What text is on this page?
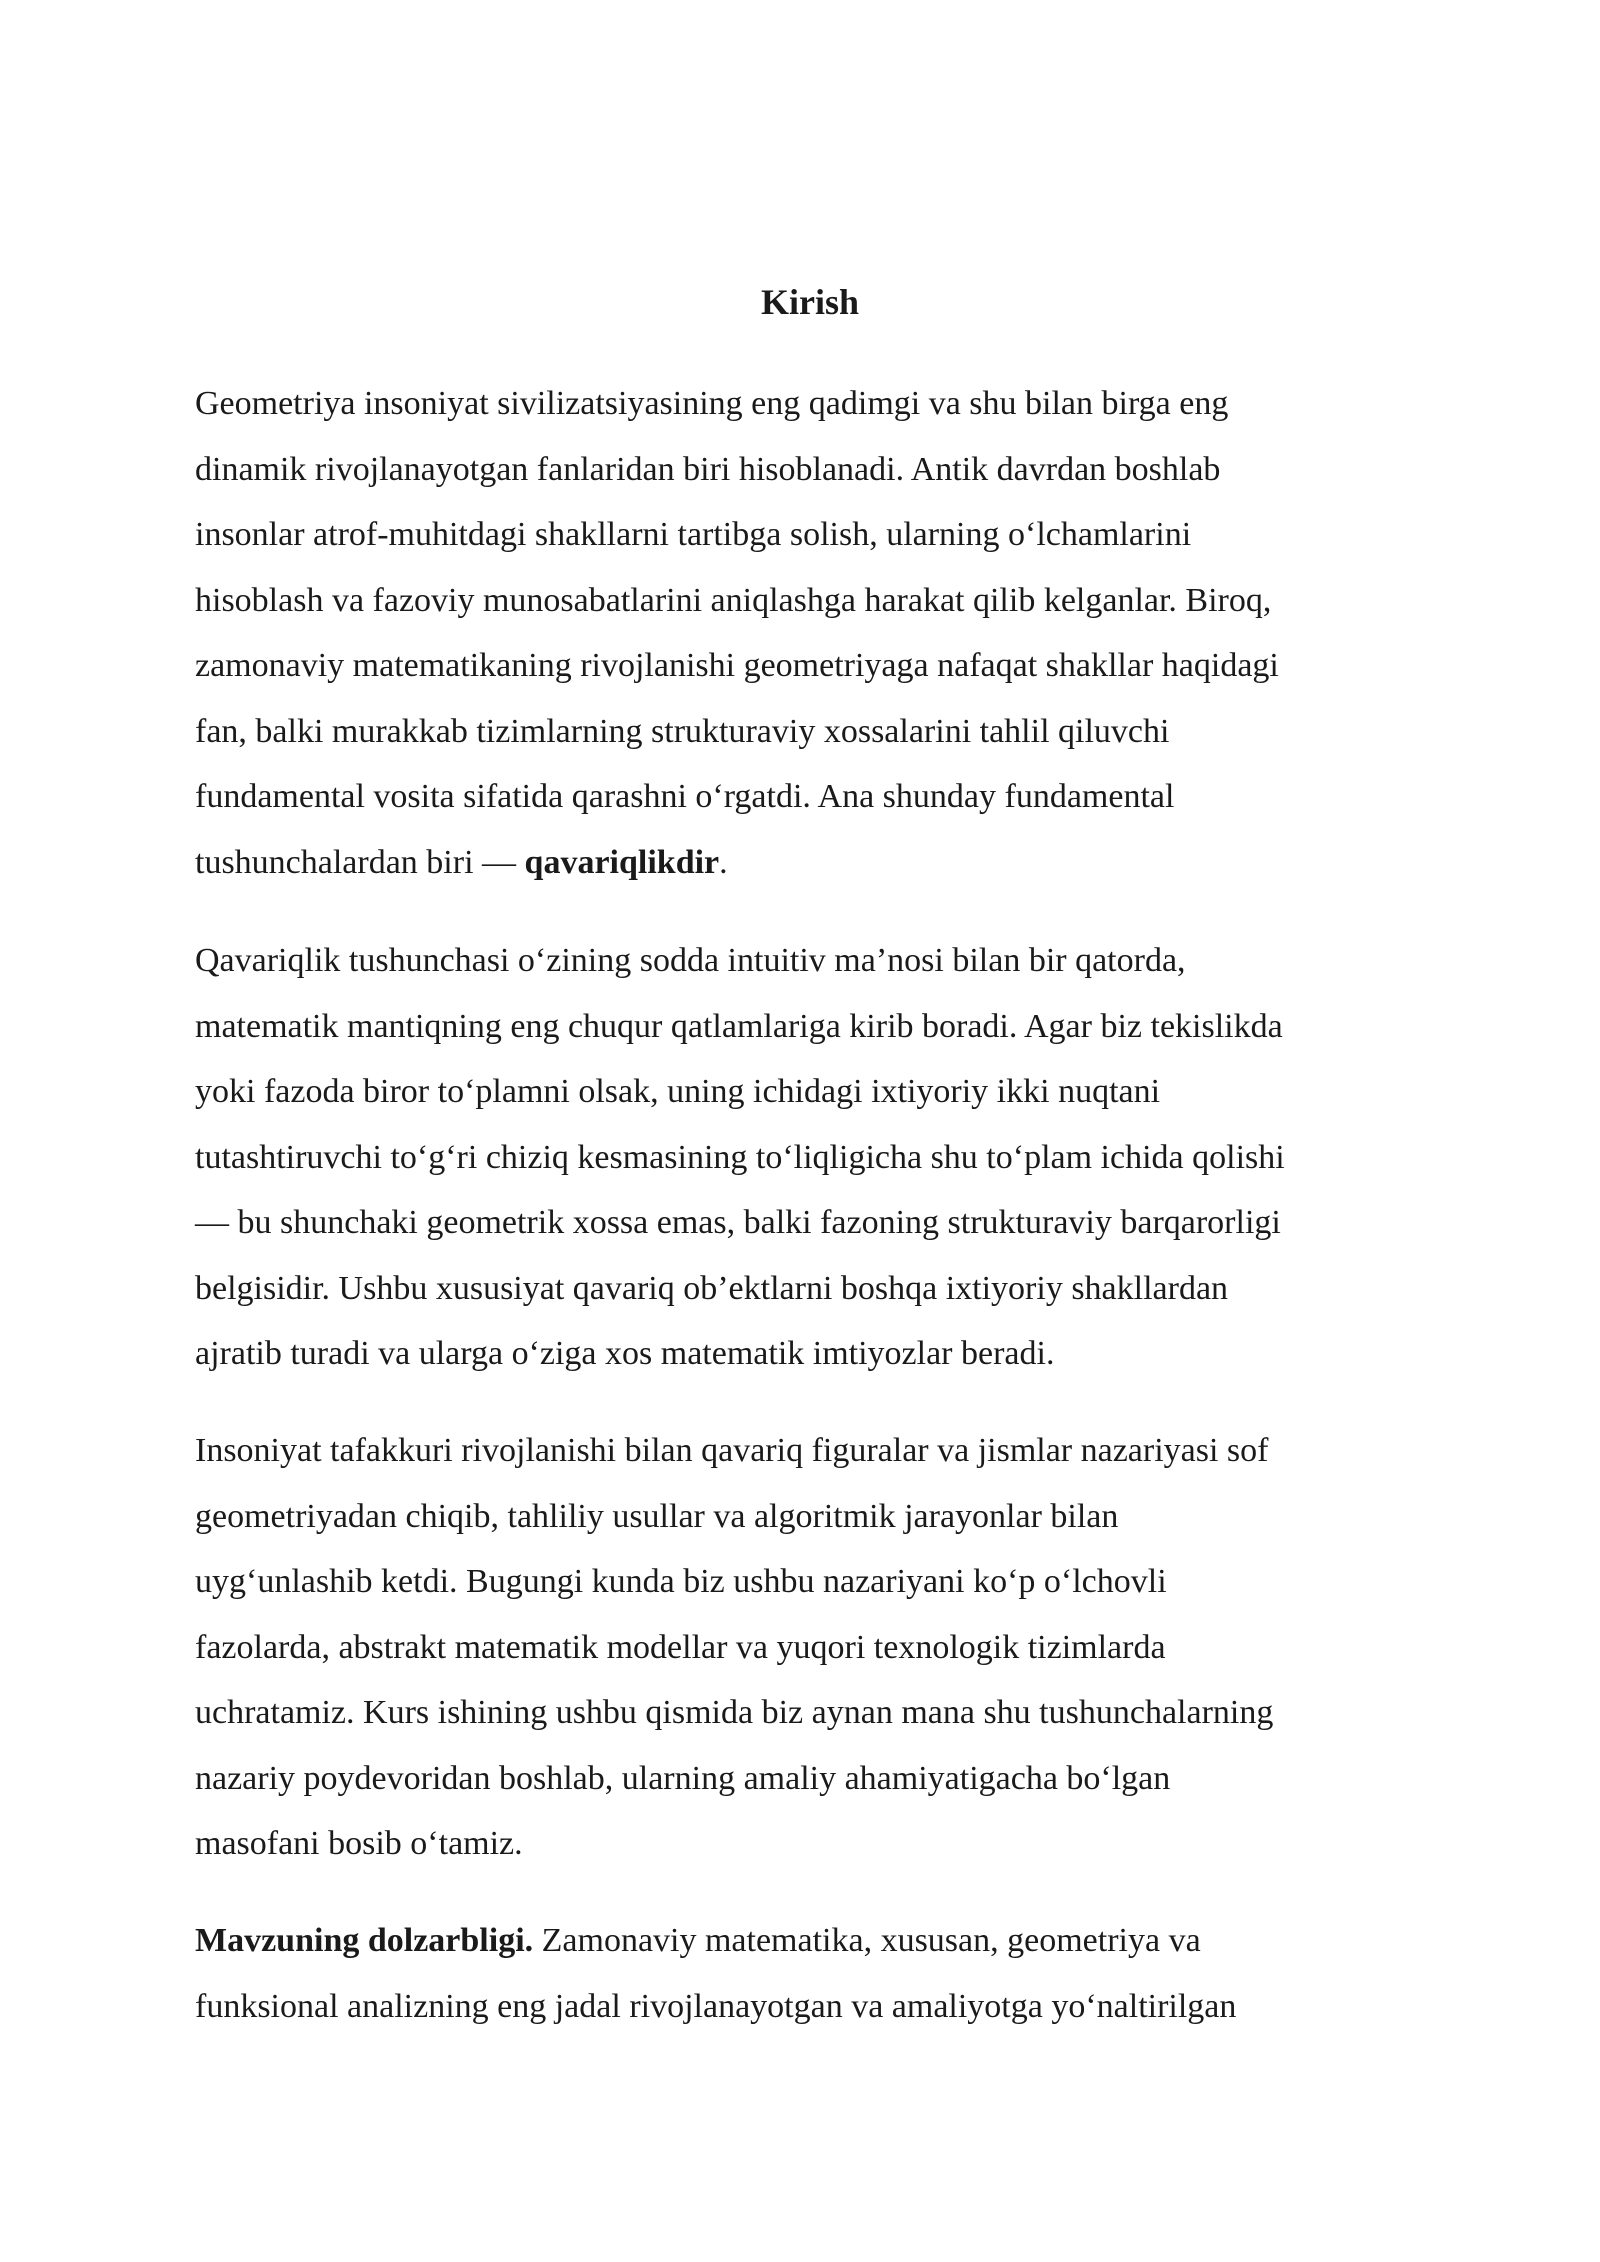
Kirish

Geometriya insoniyat sivilizatsiyasining eng qadimgi va shu bilan birga eng
dinamik rivojlanayotgan fanlaridan biri hisoblanadi. Antik davrdan boshlab
insonlar atrof-muhitdagi shakllarni tartibga solish, ularning o‘lchamlarini
hisoblash va fazoviy munosabatlarini aniqlashga harakat qilib kelganlar. Biroq,
zamonaviy matematikaning rivojlanishi geometriyaga nafaqat shakllar haqidagi
fan, balki murakkab tizimlarning strukturaviy xossalarini tahlil qiluvchi
fundamental vosita sifatida qarashni o‘rgatdi. Ana shunday fundamental
tushunchalardan biri — qavariqlikdir.

Qavariqlik tushunchasi o‘zining sodda intuitiv ma’nosi bilan bir qatorda,
matematik mantiqning eng chuqur qatlamlariga kirib boradi. Agar biz tekislikda
yoki fazoda biror to‘plamni olsak, uning ichidagi ixtiyoriy ikki nuqtani
tutashtiruvchi to‘g‘ri chiziq kesmasining to‘liqligicha shu to‘plam ichida qolishi
— bu shunchaki geometrik xossa emas, balki fazoning strukturaviy barqarorligi
belgisidir. Ushbu xususiyat qavariq ob’ektlarni boshqa ixtiyoriy shakllardan
ajratib turadi va ularga o‘ziga xos matematik imtiyozlar beradi.

Insoniyat tafakkuri rivojlanishi bilan qavariq figuralar va jismlar nazariyasi sof
geometriyadan chiqib, tahliliy usullar va algoritmik jarayonlar bilan
uyg‘unlashib ketdi. Bugungi kunda biz ushbu nazariyani ko‘p o‘lchovli
fazolarda, abstrakt matematik modellar va yuqori texnologik tizimlarda
uchratamiz. Kurs ishining ushbu qismida biz aynan mana shu tushunchalarning
nazariy poydevoridan boshlab, ularning amaliy ahamiyatigacha bo‘lgan
masofani bosib o‘tamiz.

Mavzuning dolzarbligi. Zamonaviy matematika, xususan, geometriya va
funksional analizning eng jadal rivojlanayotgan va amaliyotga yo‘naltirilgan
